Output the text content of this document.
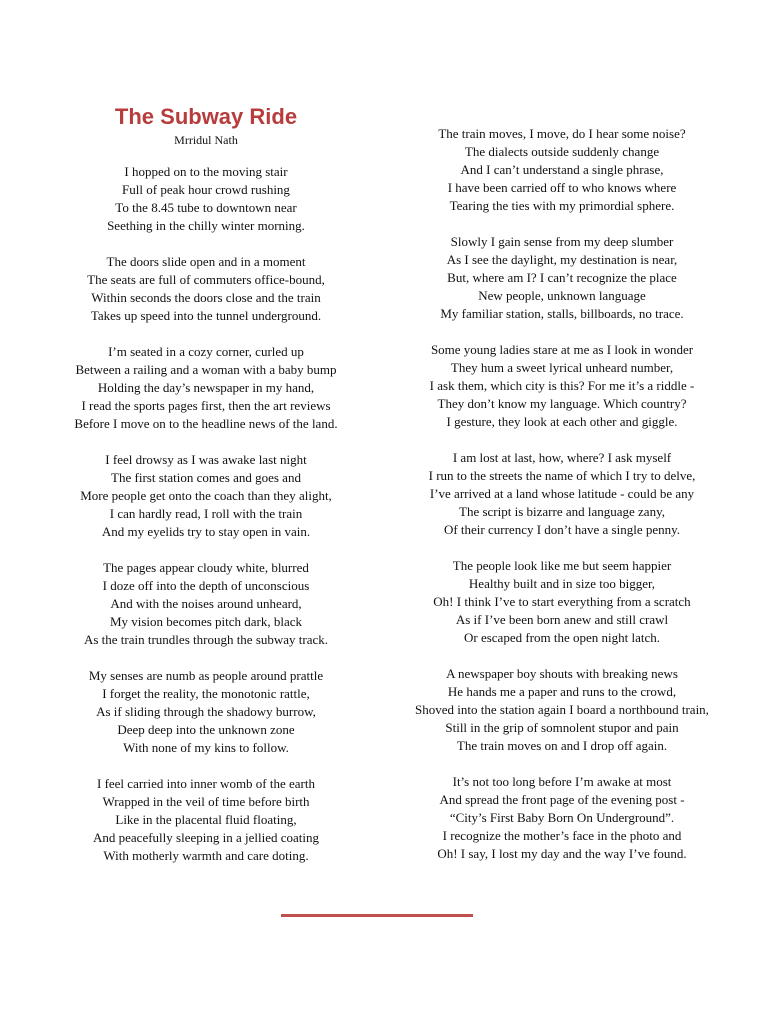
The Subway Ride
Mrridul Nath
I hopped on to the moving stair
Full of peak hour crowd rushing
To the 8.45 tube to downtown near
Seething in the chilly winter morning.
The doors slide open and in a moment
The seats are full of commuters office-bound,
Within seconds the doors close and the train
Takes up speed into the tunnel underground.
I’m seated in a cozy corner, curled up
Between a railing and a woman with a baby bump
Holding the day’s newspaper in my hand,
I read the sports pages first, then the art reviews
Before I move on to the headline news of the land.
I feel drowsy as I was awake last night
The first station comes and goes and
More people get onto the coach than they alight,
I can hardly read, I roll with the train
And my eyelids try to stay open in vain.
The pages appear cloudy white, blurred
I doze off into the depth of unconscious
And with the noises around unheard,
My vision becomes pitch dark, black
As the train trundles through the subway track.
My senses are numb as people around prattle
I forget the reality, the monotonic rattle,
As if sliding through the shadowy burrow,
Deep deep into the unknown zone
With none of my kins to follow.
I feel carried into inner womb of the earth
Wrapped in the veil of time before birth
Like in the placental fluid floating,
And peacefully sleeping in a jellied coating
With motherly warmth and care doting.
The train moves, I move, do I hear some noise?
The dialects outside suddenly change
And I can’t understand a single phrase,
I have been carried off to who knows where
Tearing the ties with my primordial sphere.
Slowly I gain sense from my deep slumber
As I see the daylight, my destination is near,
But, where am I? I can’t recognize the place
New people, unknown language
My familiar station, stalls, billboards, no trace.
Some young ladies stare at me as I look in wonder
They hum a sweet lyrical unheard number,
I ask them, which city is this? For me it’s a riddle -
They don’t know my language. Which country?
I gesture, they look at each other and giggle.
I am lost at last, how, where? I ask myself
I run to the streets the name of which I try to delve,
I’ve arrived at a land whose latitude - could be any
The script is bizarre and language zany,
Of their currency I don’t have a single penny.
The people look like me but seem happier
Healthy built and in size too bigger,
Oh! I think I’ve to start everything from a scratch
As if I’ve been born anew and still crawl
Or escaped from the open night latch.
A newspaper boy shouts with breaking news
He hands me a paper and runs to the crowd,
Shoved into the station again I board a northbound train,
Still in the grip of somnolent stupor and pain
The train moves on and I drop off again.
It’s not too long before I’m awake at most
And spread the front page of the evening post -
“City’s First Baby Born On Underground”.
I recognize the mother’s face in the photo and
Oh! I say, I lost my day and the way I’ve found.
